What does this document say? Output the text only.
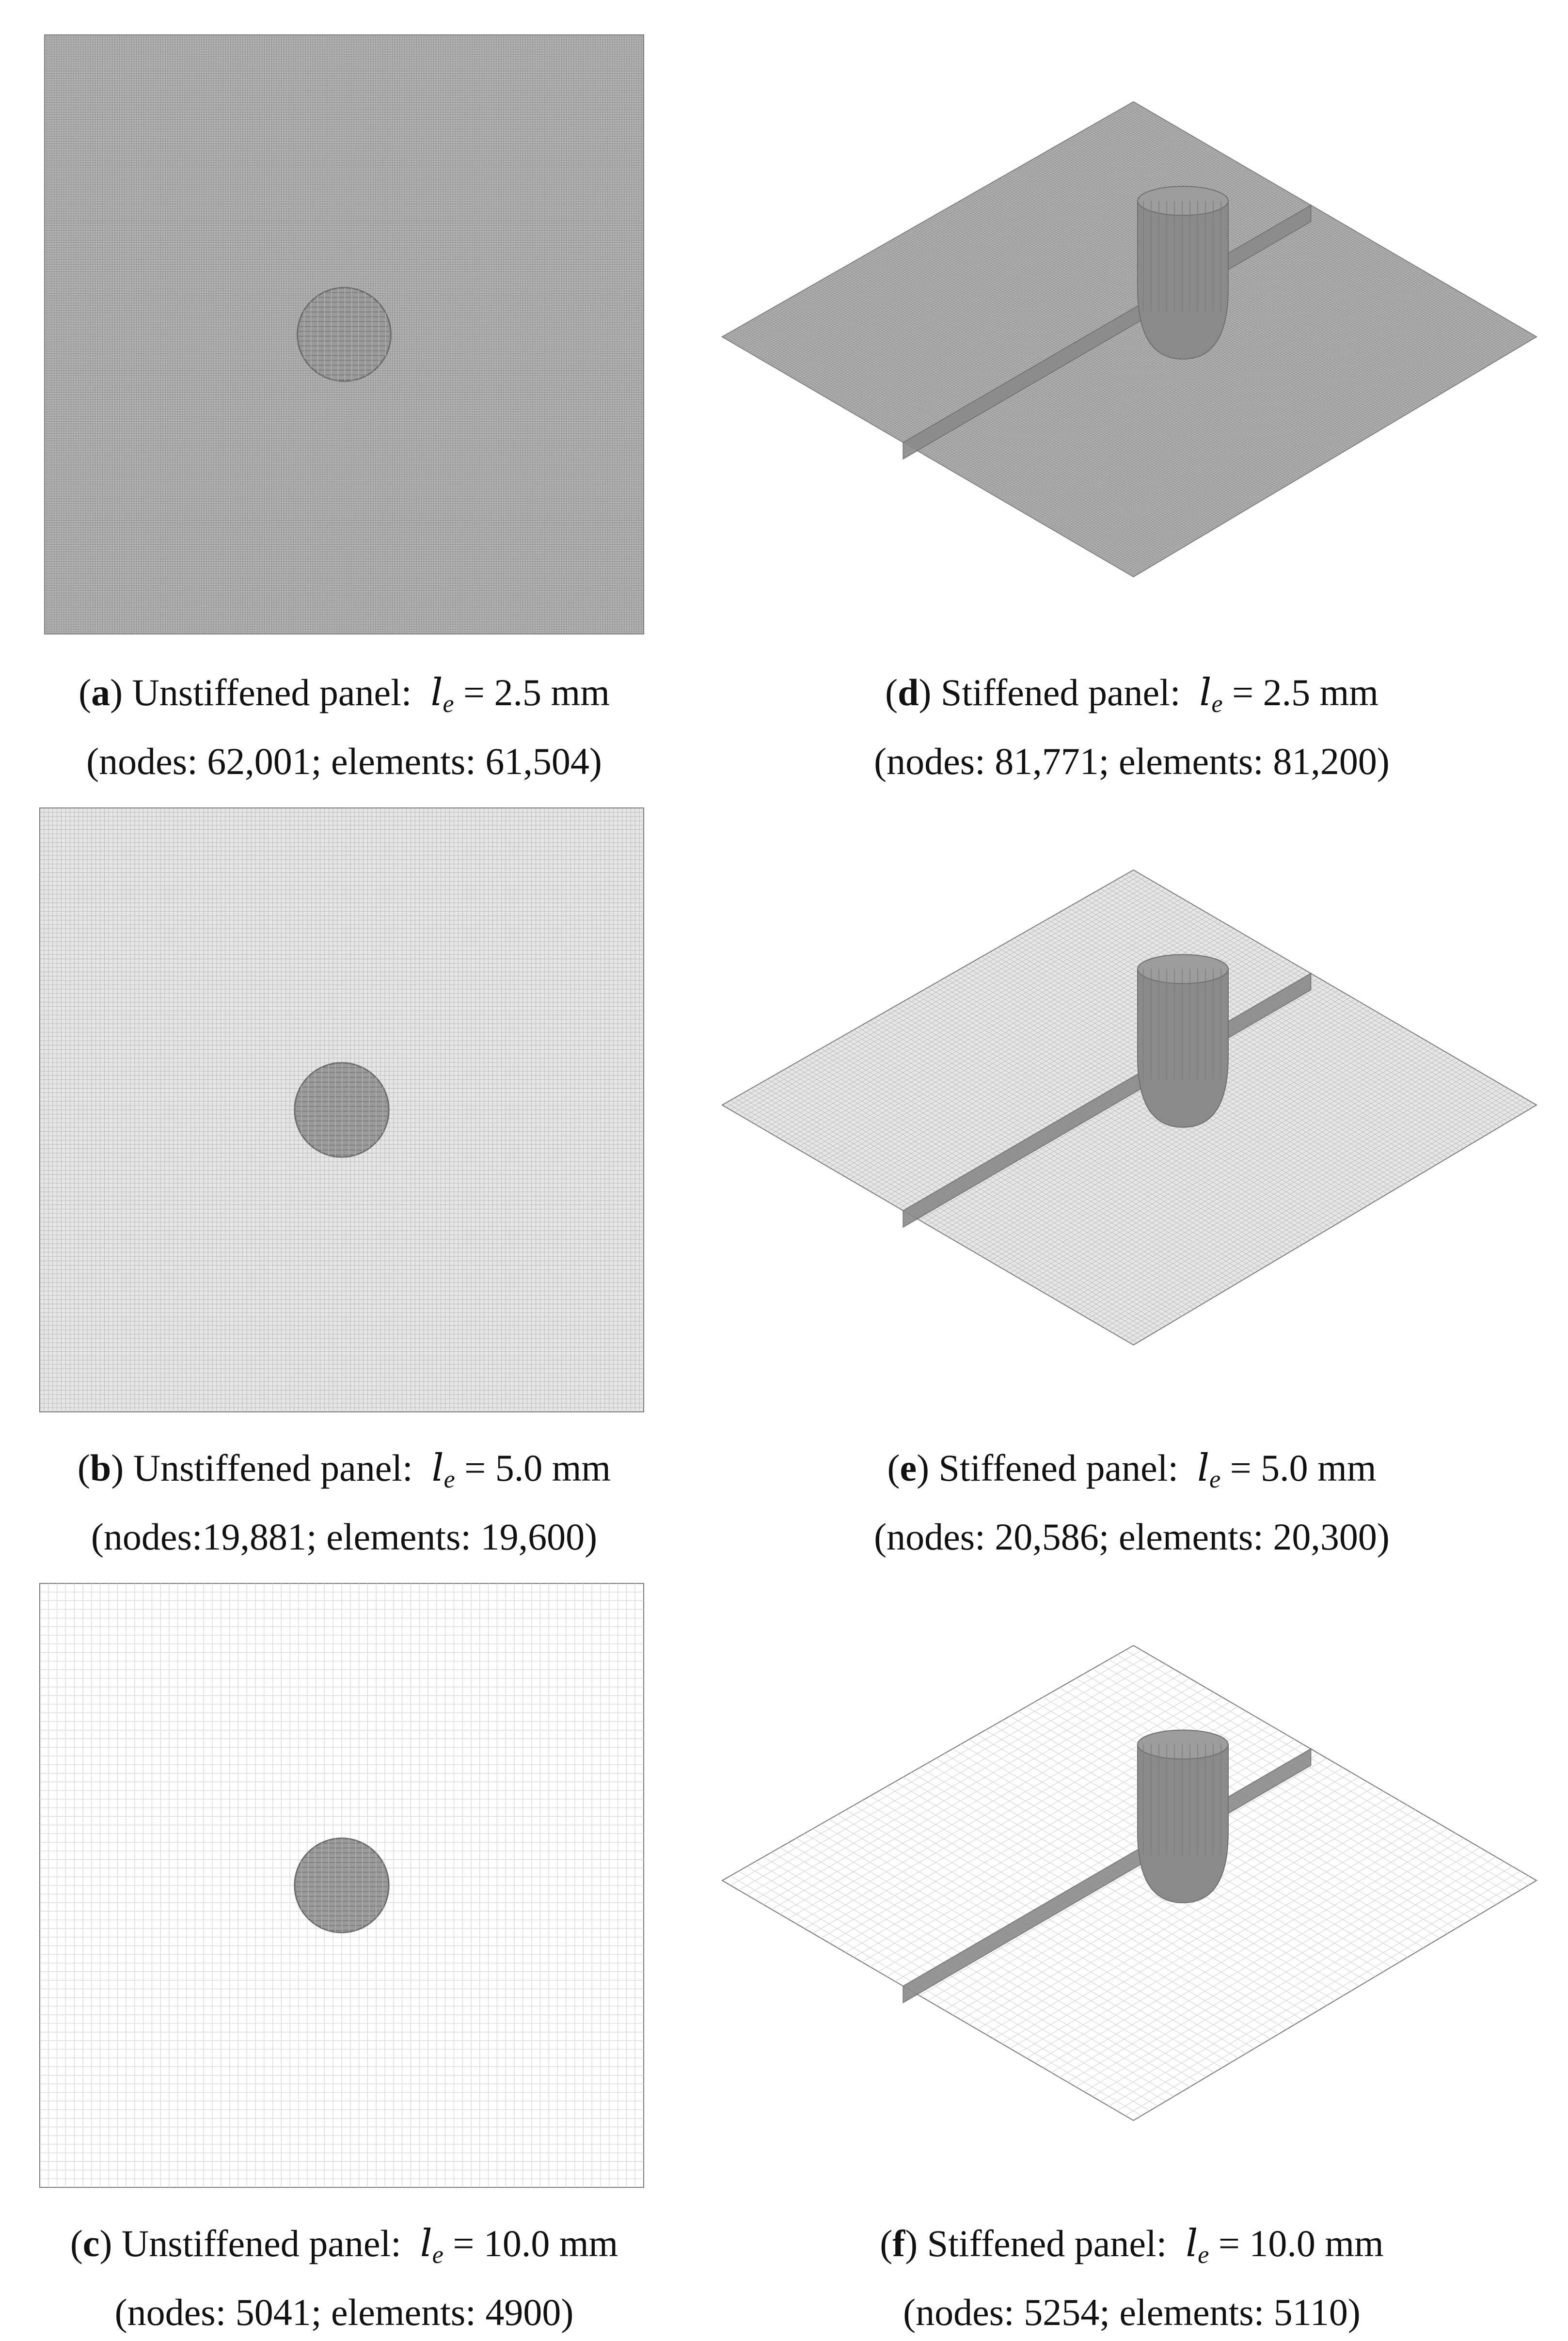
(a) Unstiffened panel: $l_e = 2.5$ mm
(nodes: 62,001; elements: 61,504)
(d) Stiffened panel: $l_e = 2.5$ mm
(nodes: 81,771; elements: 81,200)
(b) Unstiffened panel: $l_e = 5.0$ mm
(nodes:19,881; elements: 19,600)
(e) Stiffened panel: $l_e = 5.0$ mm
(nodes: 20,586; elements: 20,300)
(c) Unstiffened panel: $l_e = 10.0$ mm
(nodes: 5041; elements: 4900)
(f) Stiffened panel: $l_e = 10.0$ mm
(nodes: 5254; elements: 5110)
